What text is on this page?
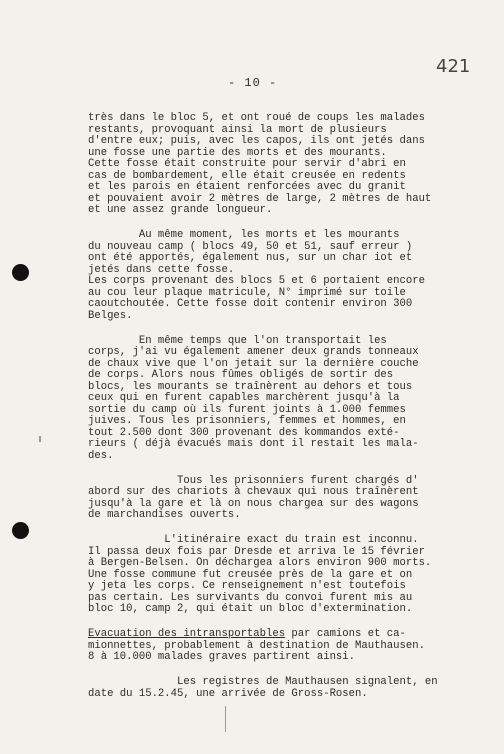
- 10 -
421

très dans le bloc 5, et ont roué de coups les malades
restants, provoquant ainsi la mort de plusieurs
d'entre eux; puis, avec les capos, ils ont jetés dans
une fosse une partie des morts et des mourants.
Cette fosse était construite pour servir d'abri en
cas de bombardement, elle était creusée en redents
et les parois en étaient renforcées avec du granit
et pouvaient avoir 2 mètres de large, 2 mètres de haut
et une assez grande longueur.

Au même moment, les morts et les mourants
du nouveau camp ( blocs 49, 50 et 51, sauf erreur )
ont été apportés, également nus, sur un char iot et
jetés dans cette fosse.
Les corps provenant des blocs 5 et 6 portaient encore
au cou leur plaque matricule, N° imprimé sur toile
caoutchoutée. Cette fosse doit contenir environ 300
Belges.

En même temps que l'on transportait les
corps, j'ai vu également amener deux grands tonneaux
de chaux vive que l'on jetait sur la dernière couche
de corps. Alors nous fûmes obligés de sortir des
blocs, les mourants se traînèrent au dehors et tous
ceux qui en furent capables marchèrent jusqu'à la
sortie du camp où ils furent joints à 1.000 femmes
juives. Tous les prisonniers, femmes et hommes, en
tout 2.500 dont 300 provenant des kommandos exté-
rieurs ( déjà évacués mais dont il restait les mala-
des.

Tous les prisonniers furent chargés d'
abord sur des chariots à chevaux qui nous traînèrent
jusqu'à la gare et là on nous chargea sur des wagons
de marchandises ouverts.

L'itinéraire exact du train est inconnu.
Il passa deux fois par Dresde et arriva le 15 février
à Bergen-Belsen. On déchargea alors environ 900 morts.
Une fosse commune fut creusée près de la gare et on
y jeta les corps. Ce renseignement n'est toutefois
pas certain. Les survivants du convoi furent mis au
bloc 10, camp 2, qui était un bloc d'extermination.

Evacuation des intransportables par camions et ca-
mionnettes, probablement à destination de Mauthausen.
8 à 10.000 malades graves partirent ainsi.

Les registres de Mauthausen signalent, en
date du 15.2.45, une arrivée de Gross-Rosen.
